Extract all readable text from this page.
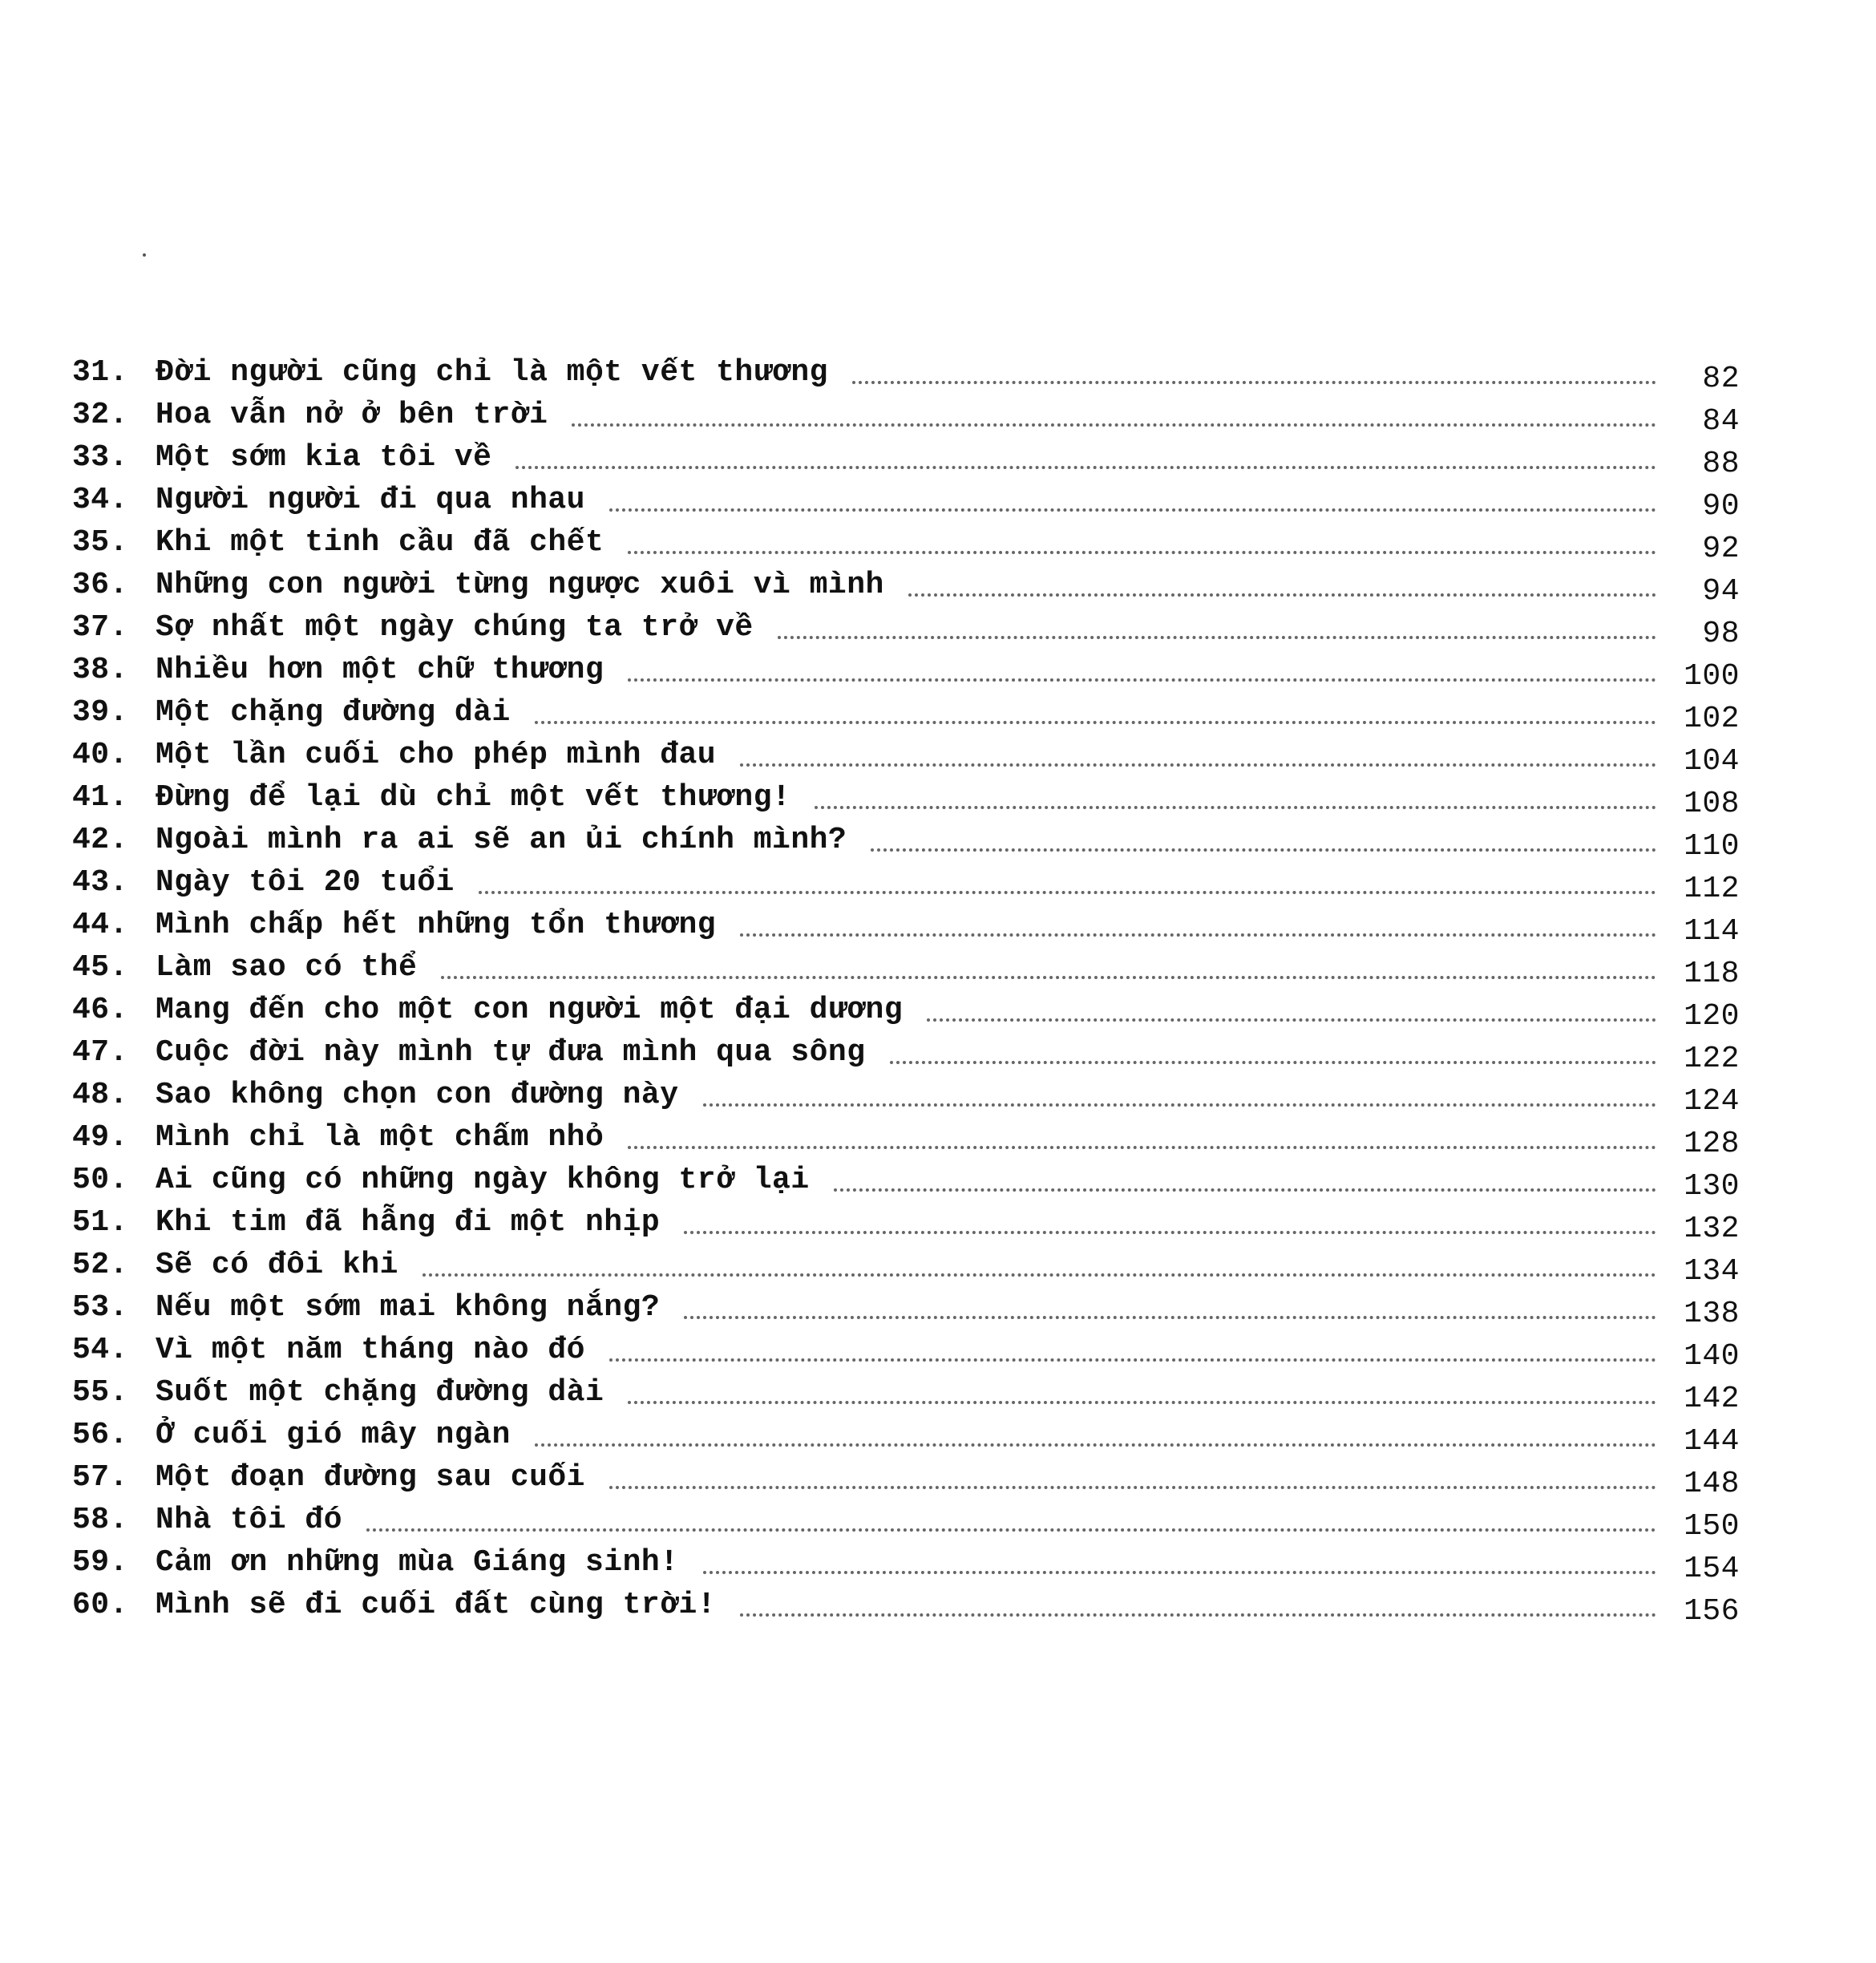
31. Đời người cũng chỉ là một vết thương	82
32. Hoa vẫn nở ở bên trời	84
33. Một sớm kia tôi về	88
34. Người người đi qua nhau	90
35. Khi một tinh cầu đã chết	92
36. Những con người từng ngược xuôi vì mình	94
37. Sợ nhất một ngày chúng ta trở về	98
38. Nhiều hơn một chữ thương	100
39. Một chặng đường dài	102
40. Một lần cuối cho phép mình đau	104
41. Đừng để lại dù chỉ một vết thương!	108
42. Ngoài mình ra ai sẽ an ủi chính mình?	110
43. Ngày tôi 20 tuổi	112
44. Mình chấp hết những tổn thương	114
45. Làm sao có thể	118
46. Mang đến cho một con người một đại dương	120
47. Cuộc đời này mình tự đưa mình qua sông	122
48. Sao không chọn con đường này	124
49. Mình chỉ là một chấm nhỏ	128
50. Ai cũng có những ngày không trở lại	130
51. Khi tim đã hẫng đi một nhịp	132
52. Sẽ có đôi khi	134
53. Nếu một sớm mai không nắng?	138
54. Vì một năm tháng nào đó	140
55. Suốt một chặng đường dài	142
56. Ở cuối gió mây ngàn	144
57. Một đoạn đường sau cuối	148
58. Nhà tôi đó	150
59. Cảm ơn những mùa Giáng sinh!	154
60. Mình sẽ đi cuối đất cùng trời!	156
